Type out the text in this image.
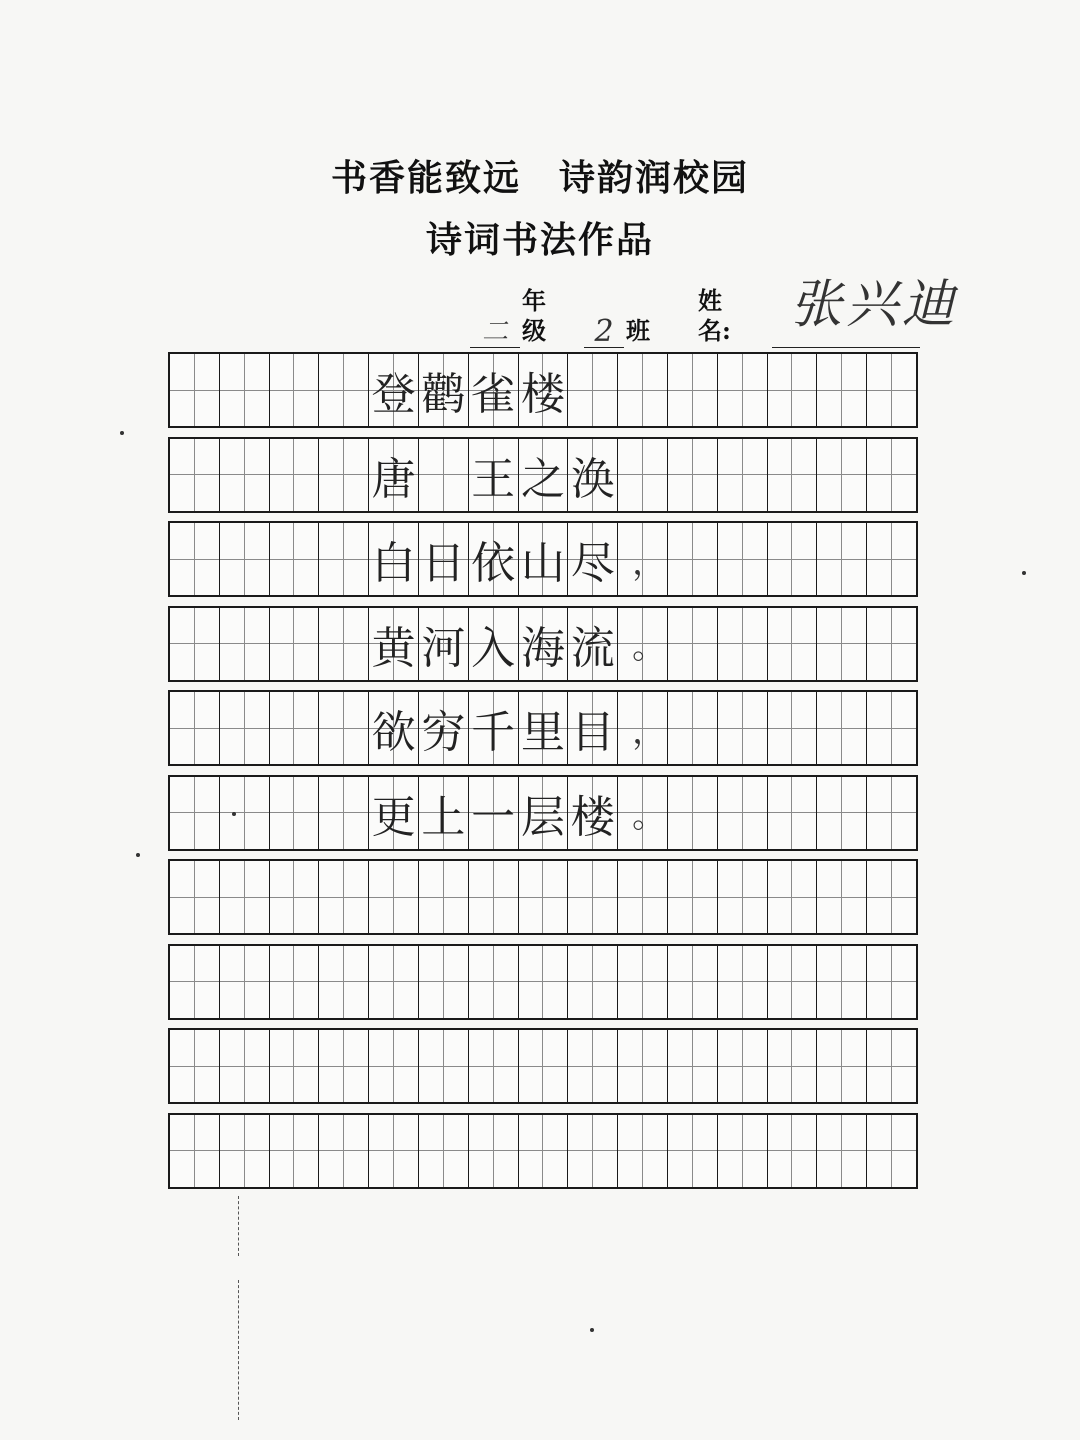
书香能致远 诗韵润校园
诗词书法作品
张兴迪
二
年级	2 班
姓名:

登 鹳 雀 楼
唐 王 之 涣
白 日 依 山 尽 ，
黄 河 入 海 流 。
欲 穷 千 里 目 ，
更 上 一 层 楼 。
